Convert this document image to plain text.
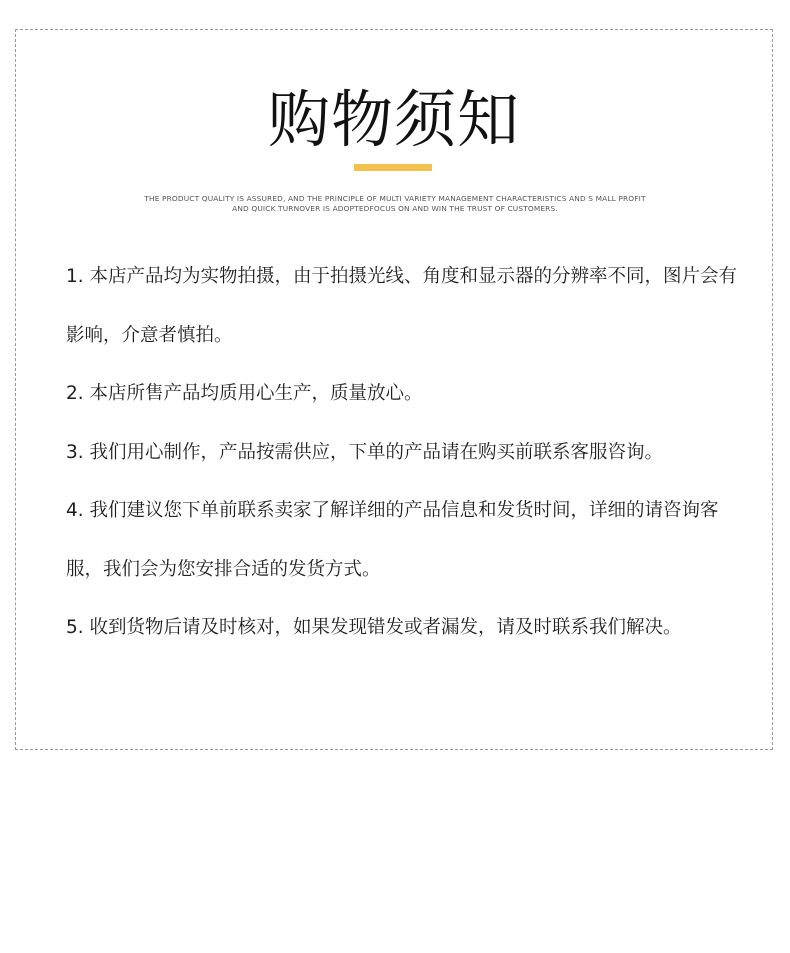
购物须知
THE PRODUCT QUALITY IS ASSURED, AND THE PRINCIPLE OF MULTI VARIETY MANAGEMENT CHARACTERISTICS AND S MALL PROFIT AND QUICK TURNOVER IS ADOPTEDFOCUS ON AND WIN THE TRUST OF CUSTOMERS.
1. 本店产品均为实物拍摄，由于拍摄光线、角度和显示器的分辨率不同，图片会有影响，介意者慎拍。
2. 本店所售产品均质用心生产，质量放心。
3. 我们用心制作，产品按需供应，下单的产品请在购买前联系客服咨询。
4. 我们建议您下单前联系卖家了解详细的产品信息和发货时间，详细的请咨询客服，我们会为您安排合适的发货方式。
5. 收到货物后请及时核对，如果发现错发或者漏发，请及时联系我们解决。
